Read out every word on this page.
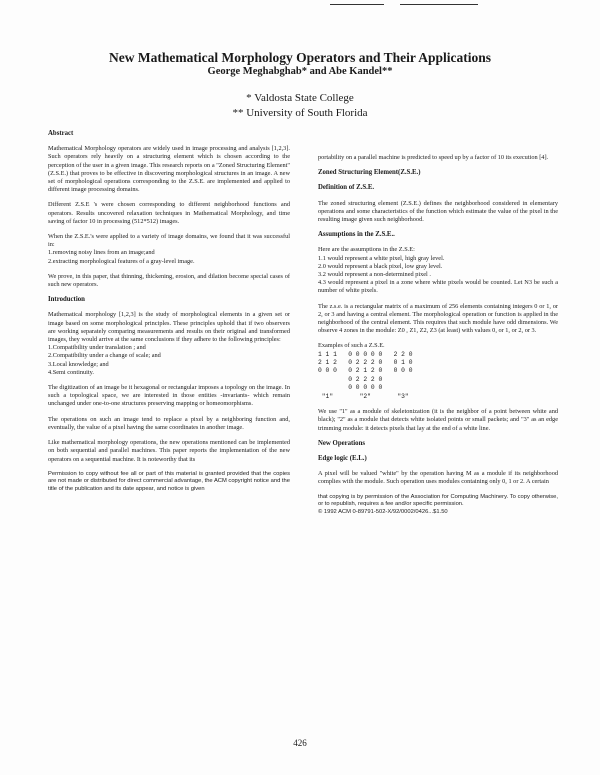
New Mathematical Morphology Operators and Their Applications
George Meghabghab* and Abe Kandel**
* Valdosta State College
** University of South Florida
Abstract

Mathematical Morphology operators are widely used in image processing and analysis [1,2,3]. Such operators rely heavily on a structuring element which is chosen according to the perception of the user in a given image. This research reports on a "Zoned Structuring Element" (Z.S.E.) that proves to be effective in discovering morphological structures in an image. A new set of morphological operations corresponding to the Z.S.E. are implemented and applied to different image processing domains.

Different Z.S.E 's were chosen corresponding to different neighborhood functions and operators. Results uncovered relaxation techniques in Mathematical Morphology, and time saving of factor 10 in processing (512*512) images.

When the Z.S.E.'s were applied to a variety of image domains, we found that it was successful in:

1.removing noisy lines from an image;and
2.extracting morphological features of a gray-level image.

We prove, in this paper, that thinning, thickening, erosion, and dilation become special cases of such new operators.

Introduction

Mathematical morphology [1,2,3] is the study of morphological elements in a given set or image based on some morphological principles. These principles uphold that if two observers are working separately comparing measurements and results on their original and transformed images, they would arrive at the same conclusions if they adhere to the following principles:

1.Compatibility under translation ; and
2.Compatibility under a change of scale; and
3.Local knowledge; and
4.Semi continuity.

The digitization of an image be it hexagonal or rectangular imposes a topology on the image. In such a topological space, we are interested in those entities -invariants- which remain unchanged under one-to-one structures preserving mapping or homeomorphisms.

The operations on such an image tend to replace a pixel by a neighboring function and, eventually, the value of a pixel having the same coordinates in another image.

Like mathematical morphology operations, the new operations mentioned can be implemented on both sequential and parallel machines. This paper reports the implementation of the new operators on a sequential machine. It is noteworthy that its

Permission to copy without fee all or part of this material is granted provided that the copies are not made or distributed for direct commercial advantage, the ACM copyright notice and the title of the publication and its date appear, and notice is given

portability on a parallel machine is predicted to speed up by a factor of 10 its execution [4].

Zoned Structuring Element(Z.S.E.)
Definition of Z.S.E.

The zoned structuring element (Z.S.E.) defines the neighborhood considered in elementary operations and some characteristics of the function which estimate the value of the pixel in the resulting image given such neighborhood.

Assumptions in the Z.S.E..
Here are the assumptions in the Z.S.E:
1.1 would represent a white pixel, high gray level.
2.0 would represent a black pixel, low gray level.
3.2 would represent a non-determined pixel .

4.3 would represent a pixel in a zone where white pixels would be counted. Let N3 be such a number of white pixels.

The z.s.e. is a rectangular matrix of a maximum of 256 elements containing integers 0 or 1, or 2, or 3 and having a central element. The morphological operation or function is applied in the neighborhood of the central element. This requires that such module have odd dimensions. We observe 4 zones in the module: Z0 , Z1, Z2, Z3 (at least) with values 0, or 1, or 2, or 3.

Examples of such a Z.S.E.
1 1 1   0 0 0 0 0   2 2 0
2 1 2   0 2 2 2 0   0 1 0
0 0 0   0 2 1 2 0   0 0 0
0 2 2 2 0
0 0 0 0 0
"1"       "2"       "3"

We use "1" as a module of skeletonization (it is the neighbor of a point between white and black); "2" as a module that detects white isolated points or small packets; and "3" as an edge trimming module: it detects pixels that lay at the end of a white line.

New Operations
Edge logic (E.L.)

A pixel will be valued "white" by the operation having M as a module if its neighborhood complies with the module. Such operation uses modules containing only 0, 1 or 2. A certain

that copying is by permission of the Association for Computing Machinery. To copy otherwise, or to republish, requires a fee and/or specific permission.

© 1992 ACM 0-89791-502-X/92/0002/0426...$1.50

426
